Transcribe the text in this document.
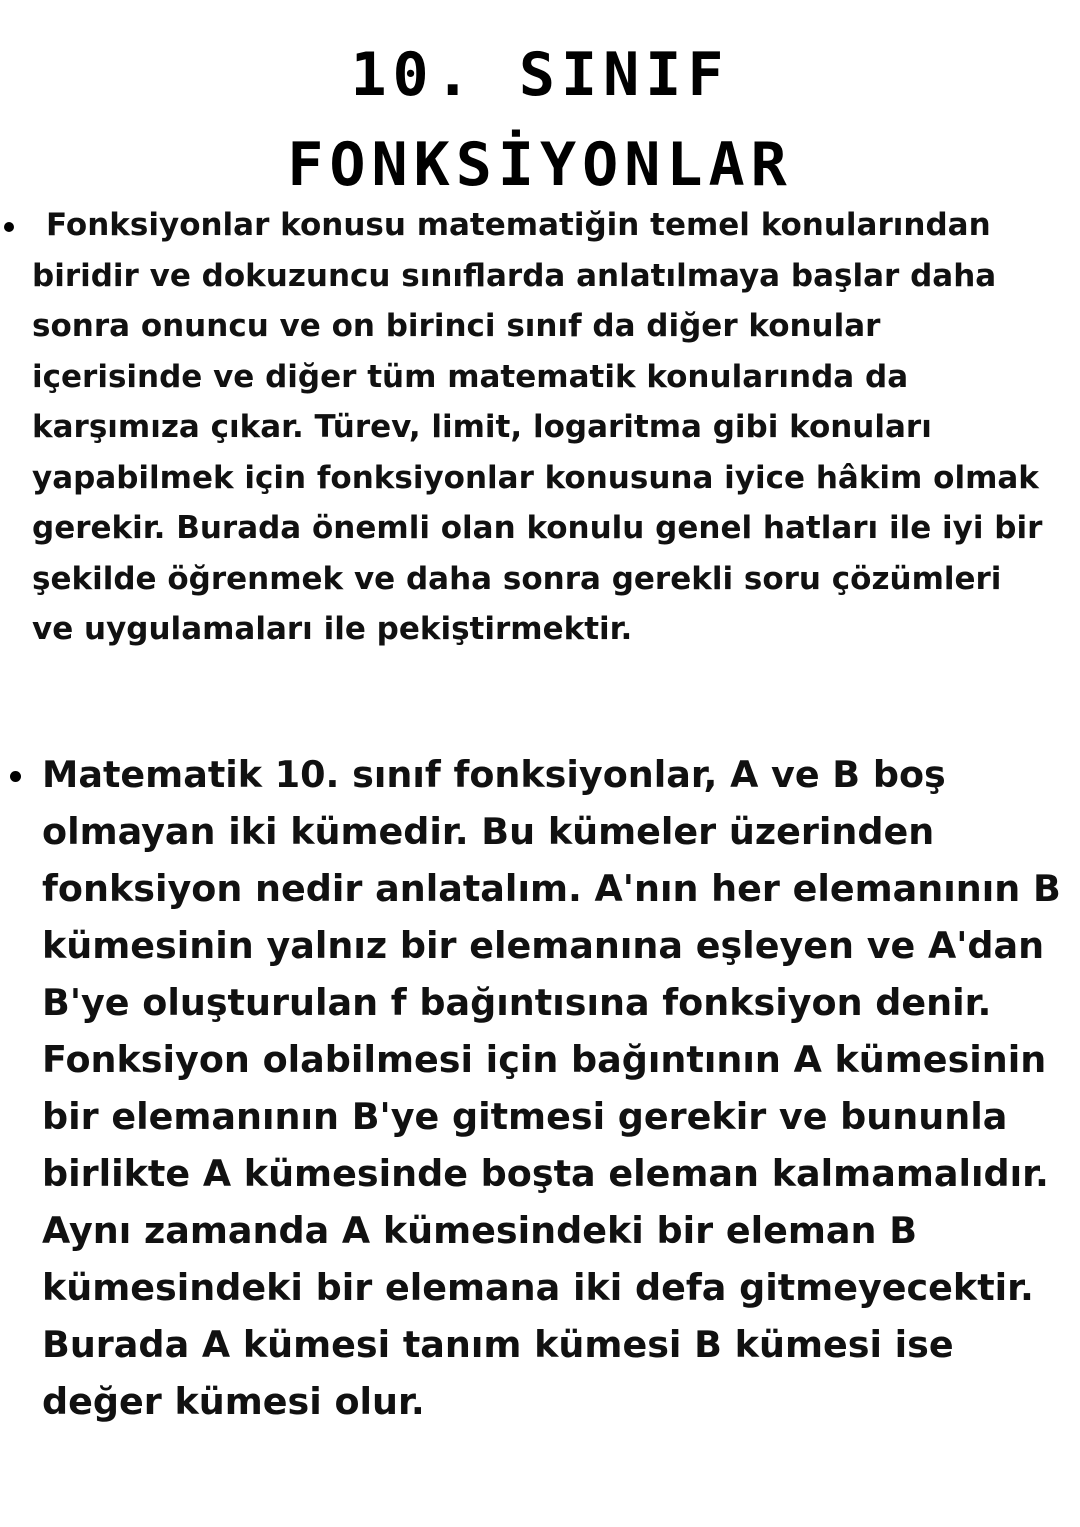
10. SINIF
FONKSİYONLAR
Fonksiyonlar konusu matematiğin temel konularından biridir ve dokuzuncu sınıflarda anlatılmaya başlar daha sonra onuncu ve on birinci sınıf da diğer konular içerisinde ve diğer tüm matematik konularında da karşımıza çıkar. Türev, limit, logaritma gibi konuları yapabilmek için fonksiyonlar konusuna iyice hâkim olmak gerekir. Burada önemli olan konulu genel hatları ile iyi bir şekilde öğrenmek ve daha sonra gerekli soru çözümleri ve uygulamaları ile pekiştirmektir.
Matematik 10. sınıf fonksiyonlar, A ve B boş olmayan iki kümedir. Bu kümeler üzerinden fonksiyon nedir anlatalım. A'nın her elemanının B kümesinin yalnız bir elemanına eşleyen ve A'dan B'ye oluşturulan f bağıntısına fonksiyon denir. Fonksiyon olabilmesi için bağıntının A kümesinin bir elemanının B'ye gitmesi gerekir ve bununla birlikte A kümesinde boşta eleman kalmamalıdır. Aynı zamanda A kümesindeki bir eleman B kümesindeki bir elemana iki defa gitmeyecektir. Burada A kümesi tanım kümesi B kümesi ise değer kümesi olur.
